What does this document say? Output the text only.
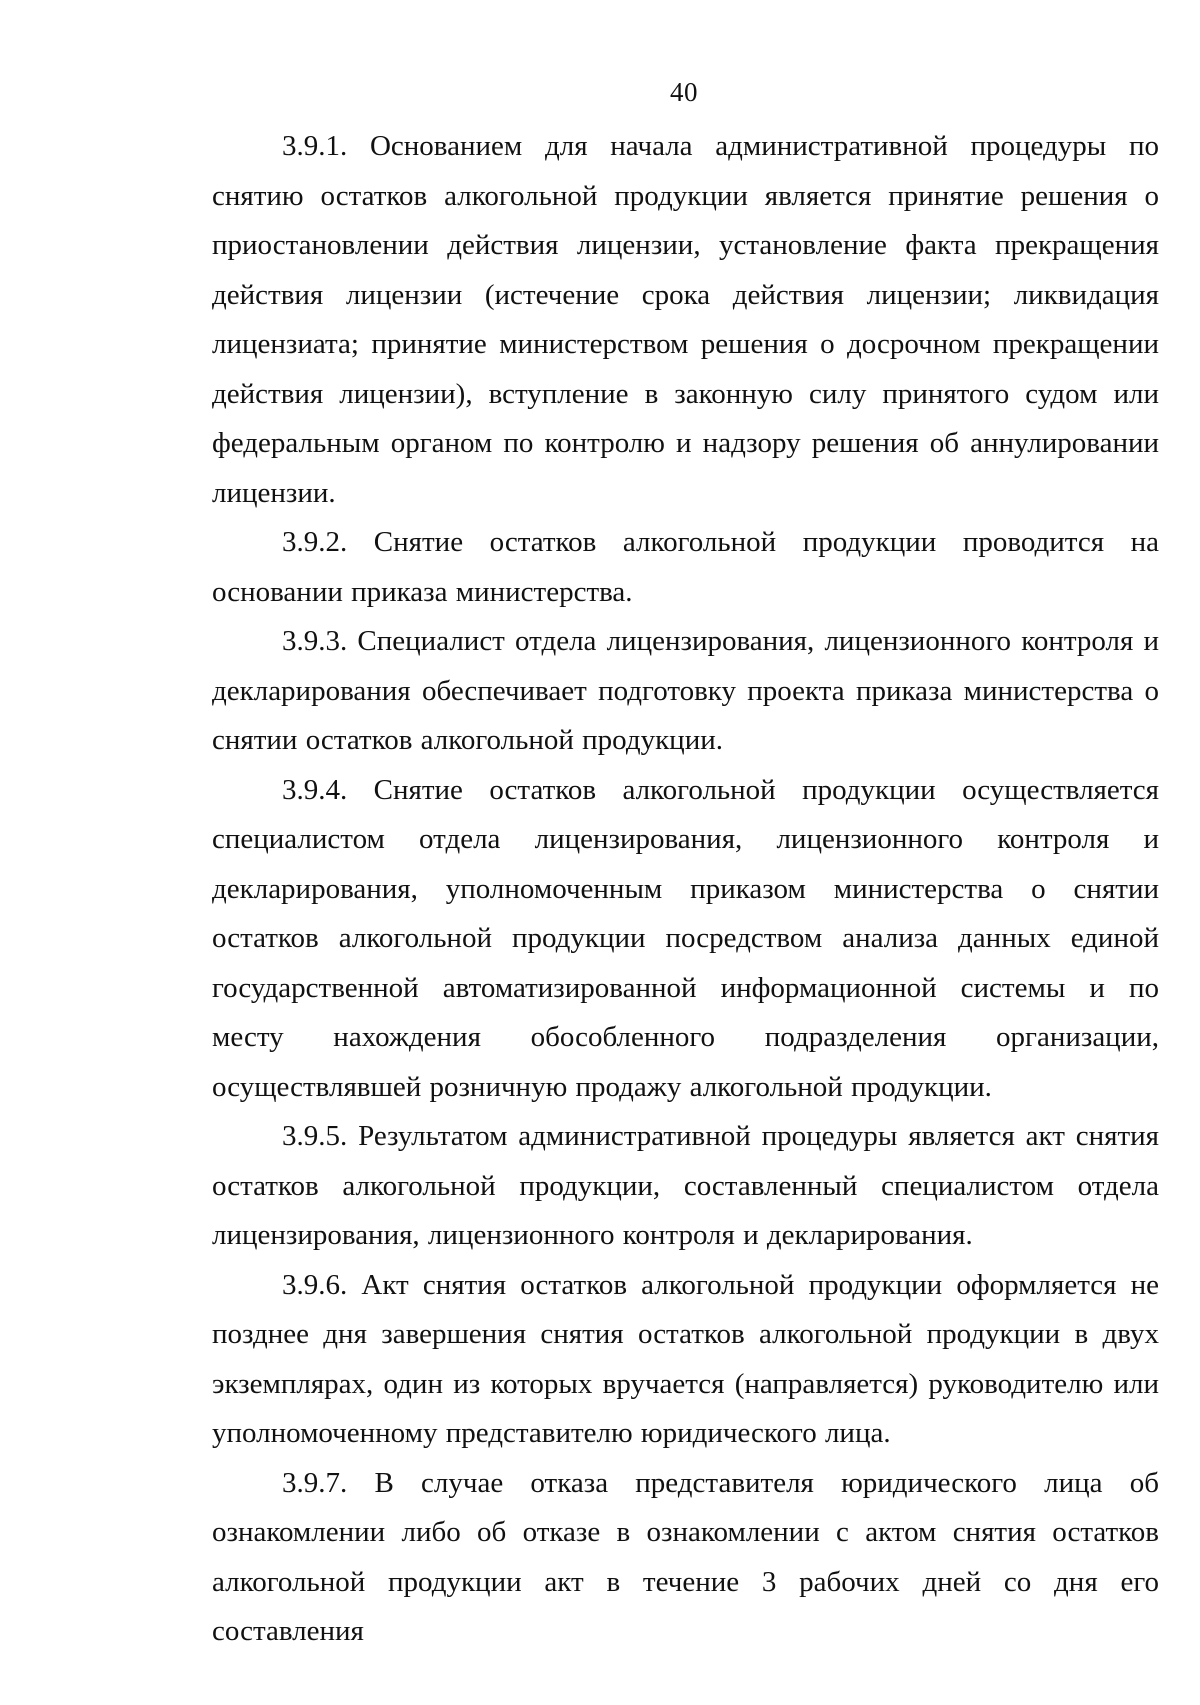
40

3.9.1. Основанием для начала административной процедуры по снятию остатков алкогольной продукции является принятие решения о приостановлении действия лицензии, установление факта прекращения действия лицензии (истечение срока действия лицензии; ликвидация лицензиата; принятие министерством решения о досрочном прекращении действия лицензии), вступление в законную силу принятого судом или федеральным органом по контролю и надзору решения об аннулировании лицензии.

3.9.2. Снятие остатков алкогольной продукции проводится на основании приказа министерства.

3.9.3. Специалист отдела лицензирования, лицензионного контроля и декларирования обеспечивает подготовку проекта приказа министерства о снятии остатков алкогольной продукции.

3.9.4. Снятие остатков алкогольной продукции осуществляется специалистом отдела лицензирования, лицензионного контроля и декларирования, уполномоченным приказом министерства о снятии остатков алкогольной продукции посредством анализа данных единой государственной автоматизированной информационной системы и по месту нахождения обособленного подразделения организации, осуществлявшей розничную продажу алкогольной продукции.

3.9.5. Результатом административной процедуры является акт снятия остатков алкогольной продукции, составленный специалистом отдела лицензирования, лицензионного контроля и декларирования.

3.9.6. Акт снятия остатков алкогольной продукции оформляется не позднее дня завершения снятия остатков алкогольной продукции в двух экземплярах, один из которых вручается (направляется) руководителю или уполномоченному представителю юридического лица.

3.9.7. В случае отказа представителя юридического лица об ознакомлении либо об отказе в ознакомлении с актом снятия остатков алкогольной продукции акт в течение 3 рабочих дней со дня его составления
